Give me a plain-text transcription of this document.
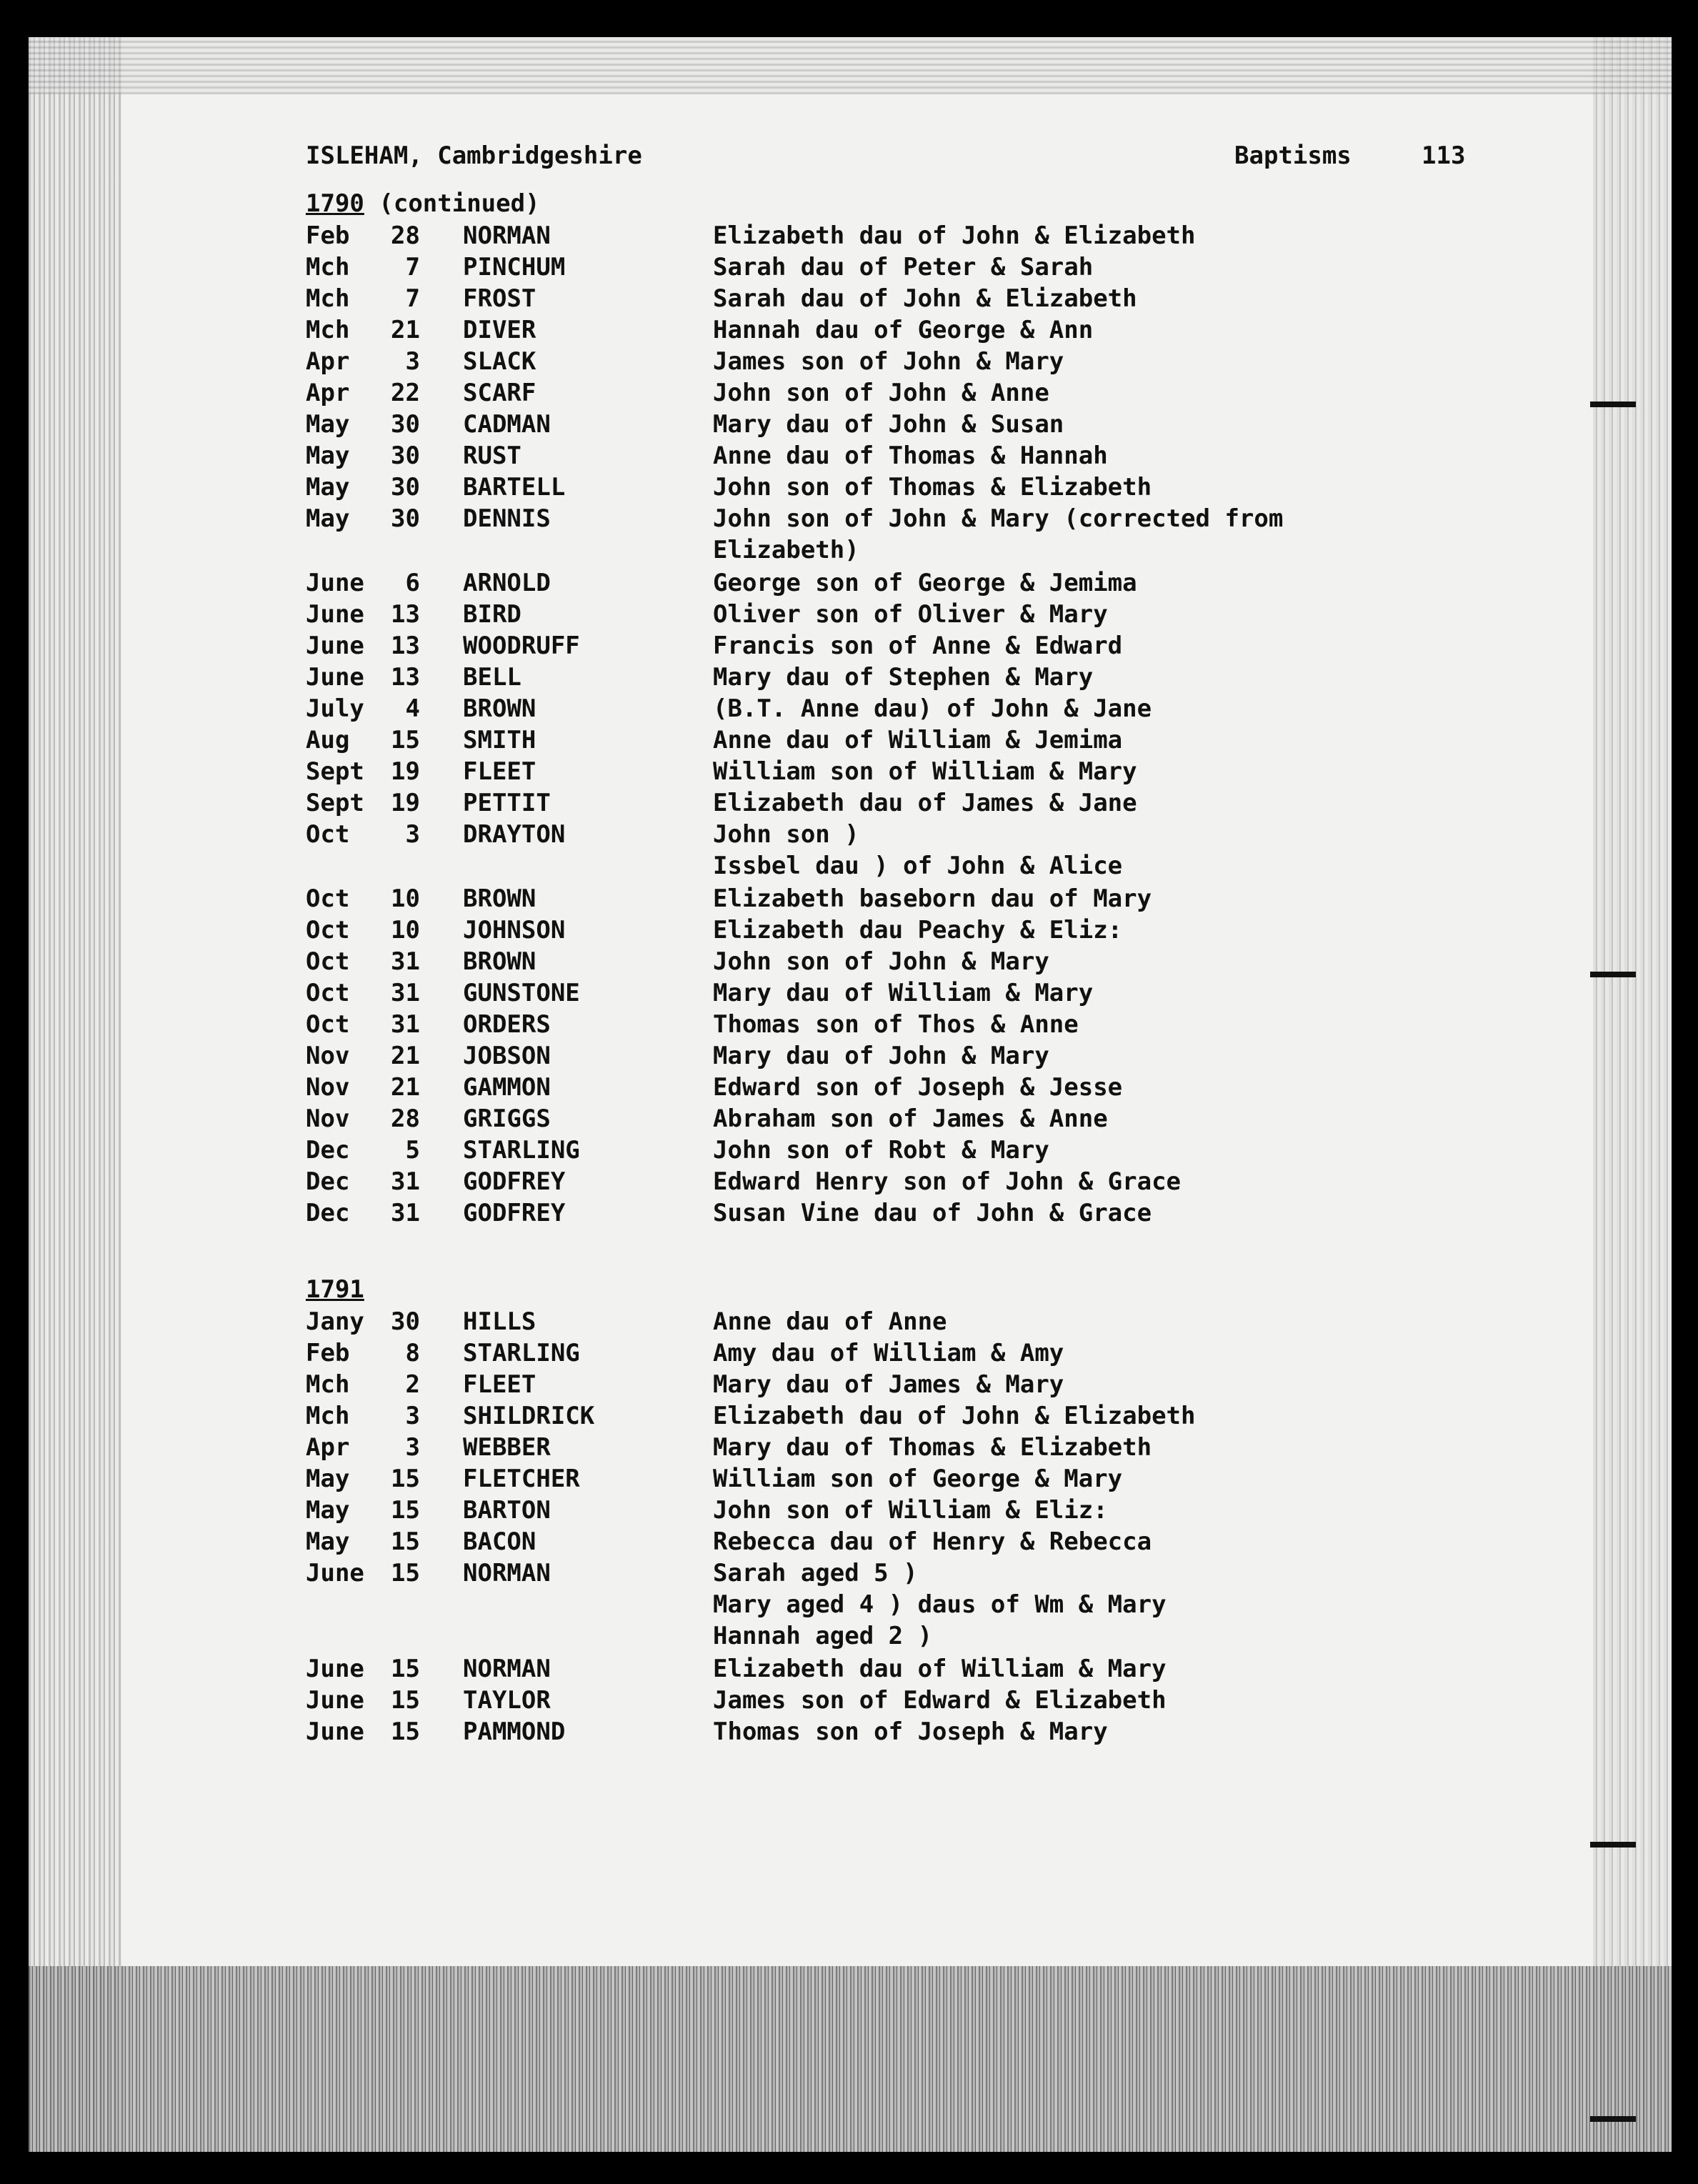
ISLEHAM, Cambridgeshire	Baptisms	113
1790 (continued)
Feb	28 NORMAN	Elizabeth dau of John & Elizabeth
Mch	7 PINCHUM	Sarah dau of Peter & Sarah
Mch	7 FROST	Sarah dau of John & Elizabeth
Mch	21 DIVER	Hannah dau of George & Ann
Apr	3 SLACK	James son of John & Mary
Apr	22 SCARF	John son of John & Anne
May	30 CADMAN	Mary dau of John & Susan
May	30 RUST	Anne dau of Thomas & Hannah
May	30 BARTELL	John son of Thomas & Elizabeth
May	30 DENNIS	John son of John & Mary (corrected from
Elizabeth)
June	6 ARNOLD	George son of George & Jemima
June	13 BIRD	Oliver son of Oliver & Mary
June	13 WOODRUFF	Francis son of Anne & Edward
June	13 BELL	Mary dau of Stephen & Mary
July	4 BROWN	(B.T. Anne dau) of John & Jane
Aug	15 SMITH	Anne dau of William & Jemima
Sept	19 FLEET	William son of William & Mary
Sept	19 PETTIT	Elizabeth dau of James & Jane
Oct	3 DRAYTON	John son )
Issbel dau ) of John & Alice
Oct	10 BROWN	Elizabeth baseborn dau of Mary
Oct	10 JOHNSON	Elizabeth dau Peachy & Eliz:
Oct	31 BROWN	John son of John & Mary
Oct	31 GUNSTONE	Mary dau of William & Mary
Oct	31 ORDERS	Thomas son of Thos & Anne
Nov	21 JOBSON	Mary dau of John & Mary
Nov	21 GAMMON	Edward son of Joseph & Jesse
Nov	28 GRIGGS	Abraham son of James & Anne
Dec	5 STARLING	John son of Robt & Mary
Dec	31 GODFREY	Edward Henry son of John & Grace
Dec	31 GODFREY	Susan Vine dau of John & Grace
1791
Jany	30 HILLS	Anne dau of Anne
Feb	8 STARLING	Amy dau of William & Amy
Mch	2 FLEET	Mary dau of James & Mary
Mch	3 SHILDRICK	Elizabeth dau of John & Elizabeth
Apr	3 WEBBER	Mary dau of Thomas & Elizabeth
May	15 FLETCHER	William son of George & Mary
May	15 BARTON	John son of William & Eliz:
May	15 BACON	Rebecca dau of Henry & Rebecca
June	15 NORMAN	Sarah aged 5 )
Mary aged 4 ) daus of Wm & Mary
Hannah aged 2 )
June	15 NORMAN	Elizabeth dau of William & Mary
June	15 TAYLOR	James son of Edward & Elizabeth
June	15 PAMMOND	Thomas son of Joseph & Mary
